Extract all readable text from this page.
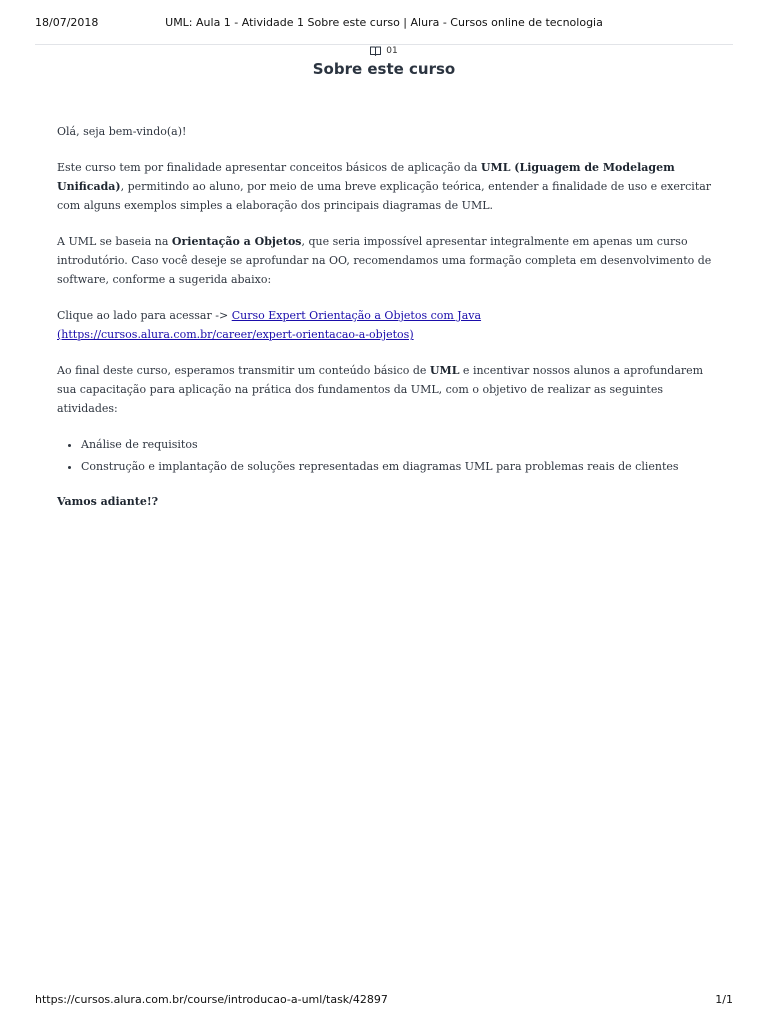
18/07/2018	UML: Aula 1 - Atividade 1 Sobre este curso | Alura - Cursos online de tecnologia
01
Sobre este curso

Olá, seja bem-vindo(a)!

Este curso tem por finalidade apresentar conceitos básicos de aplicação da UML (Liguagem de Modelagem Unificada), permitindo ao aluno, por meio de uma breve explicação teórica, entender a finalidade de uso e exercitar com alguns exemplos simples a elaboração dos principais diagramas de UML.

A UML se baseia na Orientação a Objetos, que seria impossível apresentar integralmente em apenas um curso introdutório. Caso você deseje se aprofundar na OO, recomendamos uma formação completa em desenvolvimento de software, conforme a sugerida abaixo:

Clique ao lado para acessar -> Curso Expert Orientação a Objetos com Java (https://cursos.alura.com.br/career/expert-orientacao-a-objetos)

Ao final deste curso, esperamos transmitir um conteúdo básico de UML e incentivar nossos alunos a aprofundarem sua capacitação para aplicação na prática dos fundamentos da UML, com o objetivo de realizar as seguintes atividades:

• Análise de requisitos
• Construção e implantação de soluções representadas em diagramas UML para problemas reais de clientes

Vamos adiante!?

https://cursos.alura.com.br/course/introducao-a-uml/task/42897	1/1
